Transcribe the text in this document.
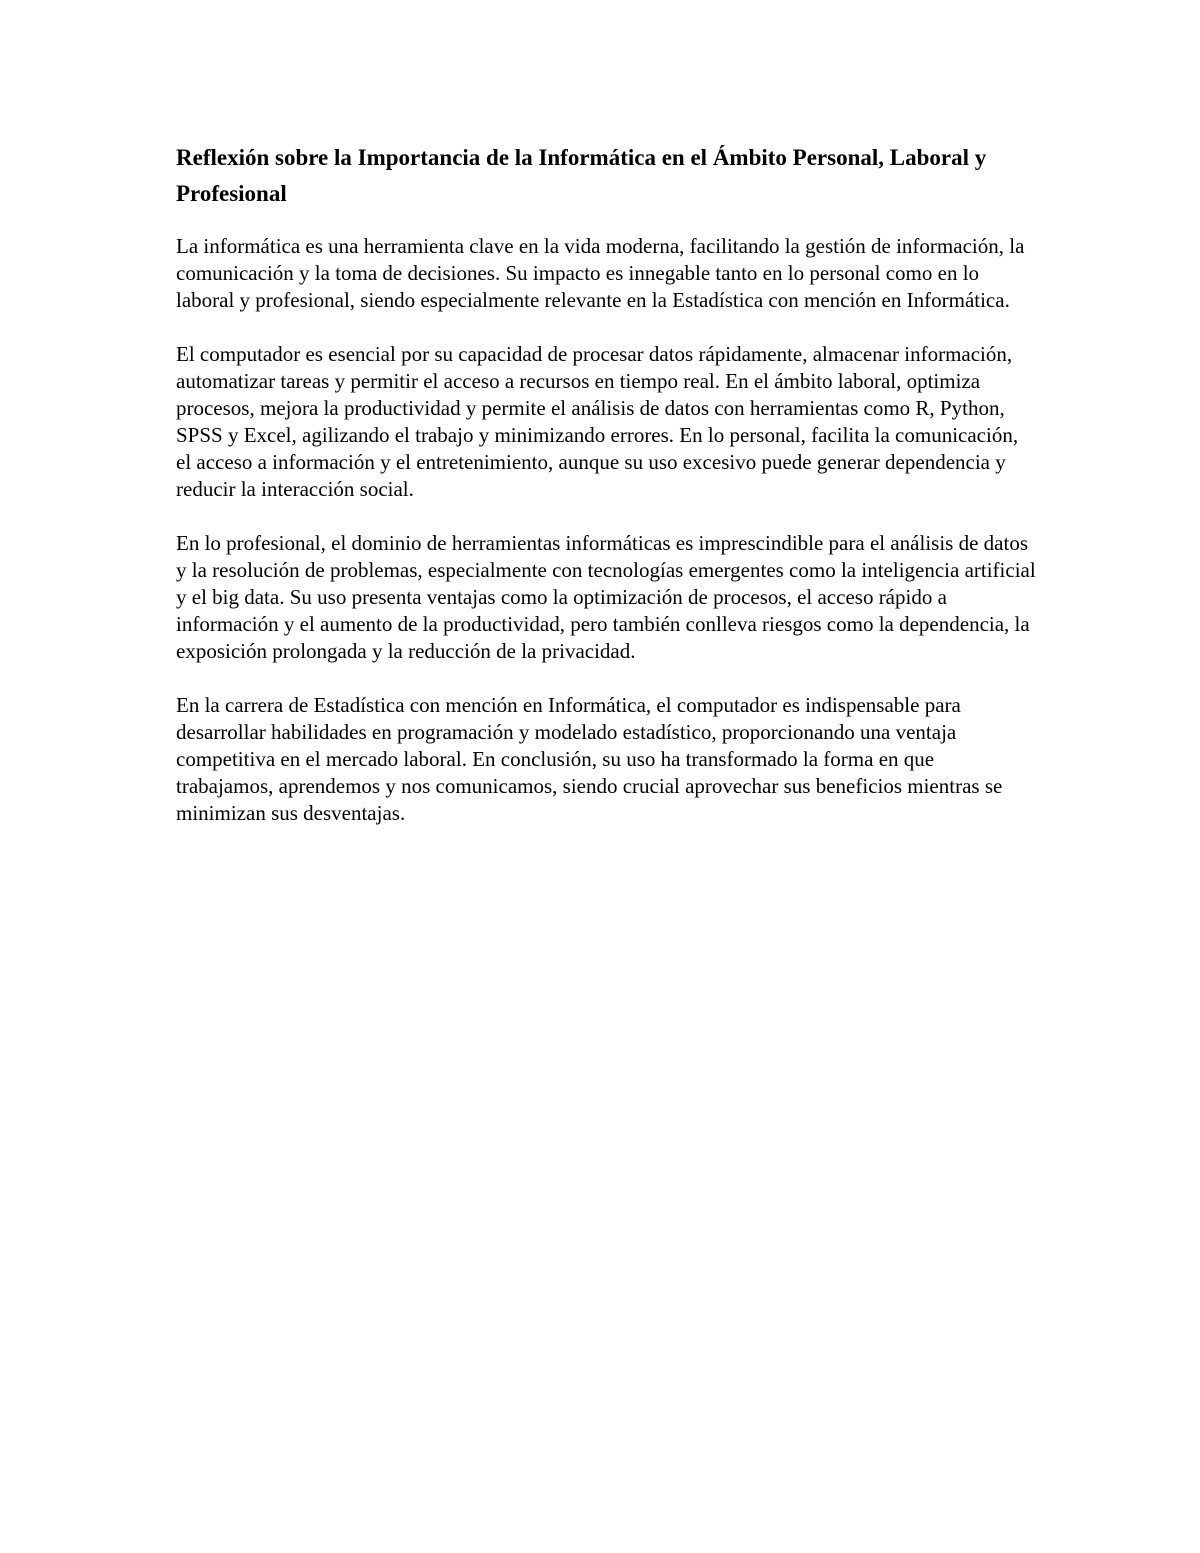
Reflexión sobre la Importancia de la Informática en el Ámbito Personal, Laboral y Profesional

La informática es una herramienta clave en la vida moderna, facilitando la gestión de información, la comunicación y la toma de decisiones. Su impacto es innegable tanto en lo personal como en lo laboral y profesional, siendo especialmente relevante en la Estadística con mención en Informática.

El computador es esencial por su capacidad de procesar datos rápidamente, almacenar información, automatizar tareas y permitir el acceso a recursos en tiempo real. En el ámbito laboral, optimiza procesos, mejora la productividad y permite el análisis de datos con herramientas como R, Python, SPSS y Excel, agilizando el trabajo y minimizando errores. En lo personal, facilita la comunicación, el acceso a información y el entretenimiento, aunque su uso excesivo puede generar dependencia y reducir la interacción social.

En lo profesional, el dominio de herramientas informáticas es imprescindible para el análisis de datos y la resolución de problemas, especialmente con tecnologías emergentes como la inteligencia artificial y el big data. Su uso presenta ventajas como la optimización de procesos, el acceso rápido a información y el aumento de la productividad, pero también conlleva riesgos como la dependencia, la exposición prolongada y la reducción de la privacidad.

En la carrera de Estadística con mención en Informática, el computador es indispensable para desarrollar habilidades en programación y modelado estadístico, proporcionando una ventaja competitiva en el mercado laboral. En conclusión, su uso ha transformado la forma en que trabajamos, aprendemos y nos comunicamos, siendo crucial aprovechar sus beneficios mientras se minimizan sus desventajas.
